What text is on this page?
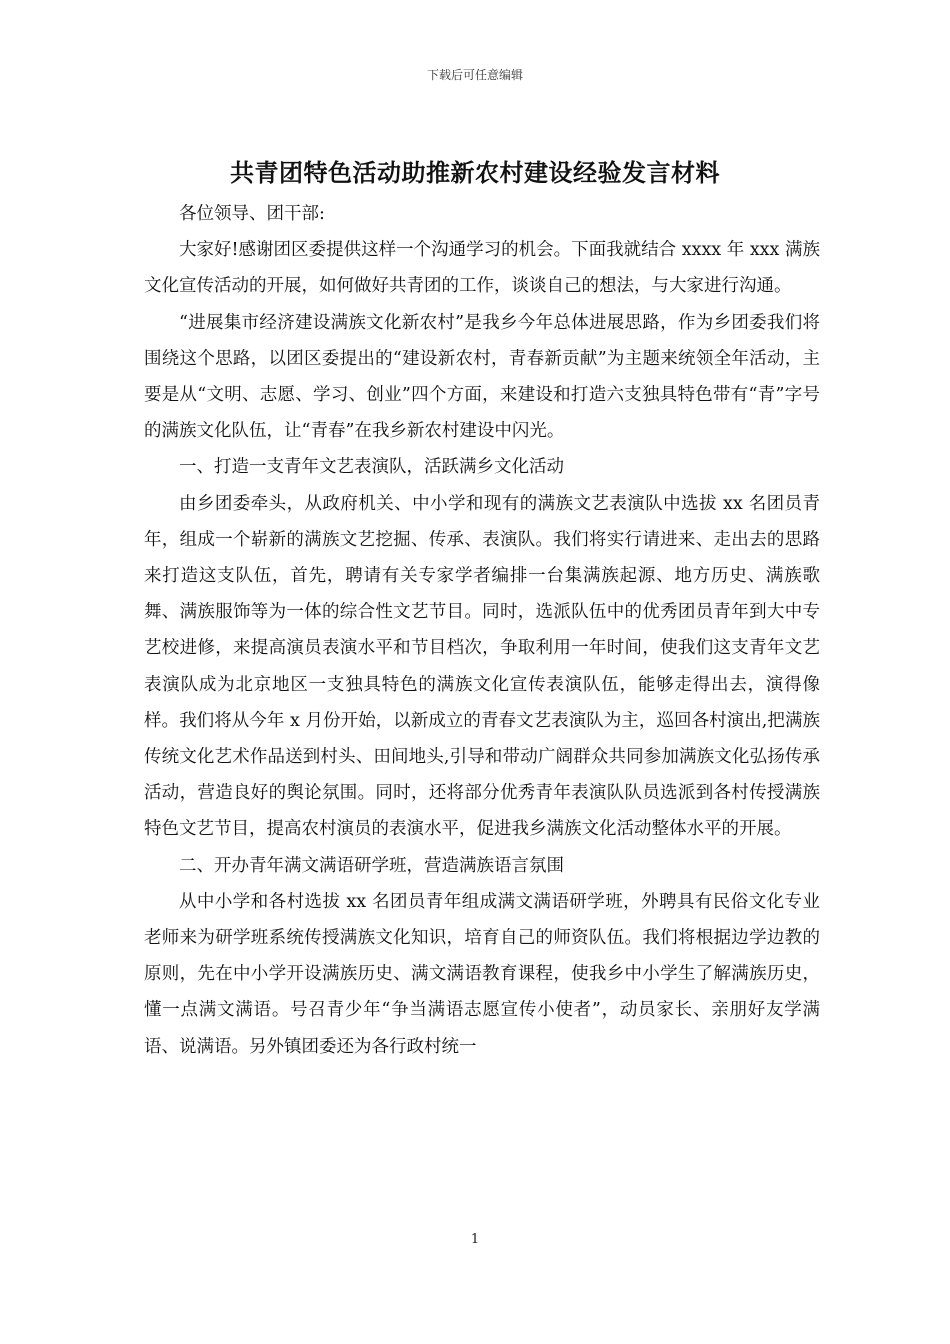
下载后可任意编辑
共青团特色活动助推新农村建设经验发言材料

各位领导、团干部:

大家好!感谢团区委提供这样一个沟通学习的机会。下面我就结合 xxxx 年 xxx 满族文化宣传活动的开展，如何做好共青团的工作，谈谈自己的想法，与大家进行沟通。

“进展集市经济建设满族文化新农村”是我乡今年总体进展思路，作为乡团委我们将围绕这个思路，以团区委提出的“建设新农村，青春新贡献”为主题来统领全年活动，主要是从“文明、志愿、学习、创业”四个方面，来建设和打造六支独具特色带有“青”字号的满族文化队伍，让“青春”在我乡新农村建设中闪光。

一、打造一支青年文艺表演队，活跃满乡文化活动

由乡团委牵头，从政府机关、中小学和现有的满族文艺表演队中选拔 xx 名团员青年，组成一个崭新的满族文艺挖掘、传承、表演队。我们将实行请进来、走出去的思路来打造这支队伍，首先，聘请有关专家学者编排一台集满族起源、地方历史、满族歌舞、满族服饰等为一体的综合性文艺节目。同时，选派队伍中的优秀团员青年到大中专艺校进修，来提高演员表演水平和节目档次，争取利用一年时间，使我们这支青年文艺表演队成为北京地区一支独具特色的满族文化宣传表演队伍，能够走得出去，演得像样。我们将从今年 x 月份开始，以新成立的青春文艺表演队为主，巡回各村演出,把满族传统文化艺术作品送到村头、田间地头,引导和带动广阔群众共同参加满族文化弘扬传承活动，营造良好的舆论氛围。同时，还将部分优秀青年表演队队员选派到各村传授满族特色文艺节目，提高农村演员的表演水平，促进我乡满族文化活动整体水平的开展。

二、开办青年满文满语研学班，营造满族语言氛围

从中小学和各村选拔 xx 名团员青年组成满文满语研学班，外聘具有民俗文化专业老师来为研学班系统传授满族文化知识，培育自己的师资队伍。我们将根据边学边教的原则，先在中小学开设满族历史、满文满语教育课程，使我乡中小学生了解满族历史，懂一点满文满语。号召青少年“争当满语志愿宣传小使者”，动员家长、亲朋好友学满语、说满语。另外镇团委还为各行政村统一

1
